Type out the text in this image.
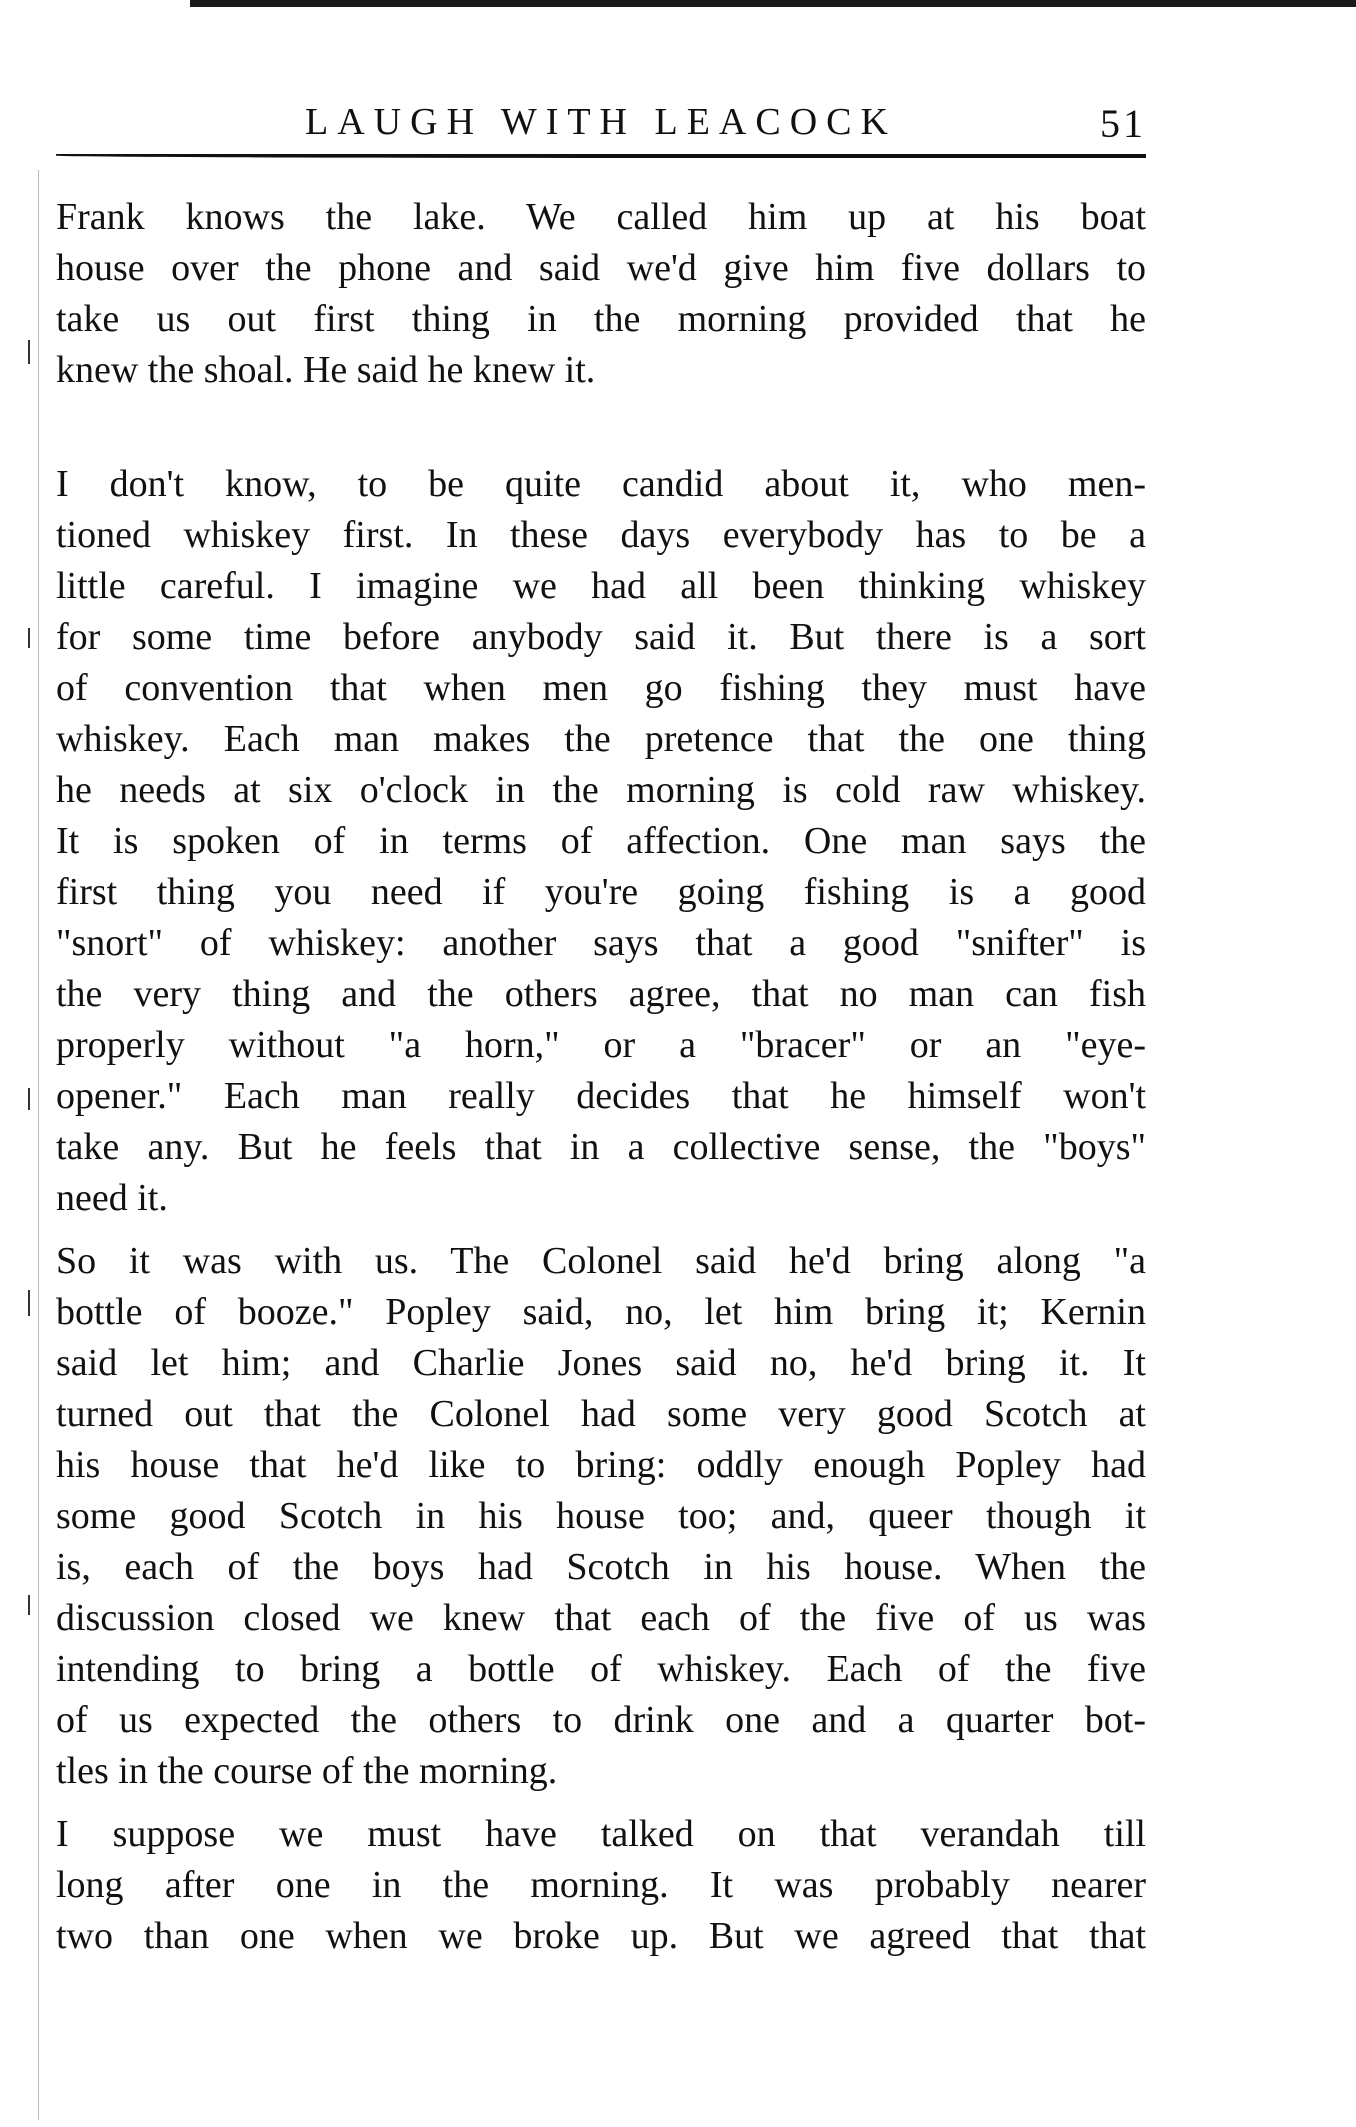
LAUGH WITH LEACOCK	51
Frank knows the lake. We called him up at his boat
house over the phone and said we'd give him five dollars to
take us out first thing in the morning provided that he
knew the shoal. He said he knew it.
I don't know, to be quite candid about it, who men-
tioned whiskey first. In these days everybody has to be a
little careful. I imagine we had all been thinking whiskey
for some time before anybody said it. But there is a sort
of convention that when men go fishing they must have
whiskey. Each man makes the pretence that the one thing
he needs at six o'clock in the morning is cold raw whiskey.
It is spoken of in terms of affection. One man says the
first thing you need if you're going fishing is a good
"snort" of whiskey: another says that a good "snifter" is
the very thing and the others agree, that no man can fish
properly without "a horn," or a "bracer" or an "eye-
opener." Each man really decides that he himself won't
take any. But he feels that in a collective sense, the "boys"
need it.
So it was with us. The Colonel said he'd bring along "a
bottle of booze." Popley said, no, let him bring it; Kernin
said let him; and Charlie Jones said no, he'd bring it. It
turned out that the Colonel had some very good Scotch at
his house that he'd like to bring: oddly enough Popley had
some good Scotch in his house too; and, queer though it
is, each of the boys had Scotch in his house. When the
discussion closed we knew that each of the five of us was
intending to bring a bottle of whiskey. Each of the five
of us expected the others to drink one and a quarter bot-
tles in the course of the morning.
I suppose we must have talked on that verandah till
long after one in the morning. It was probably nearer
two than one when we broke up. But we agreed that that
